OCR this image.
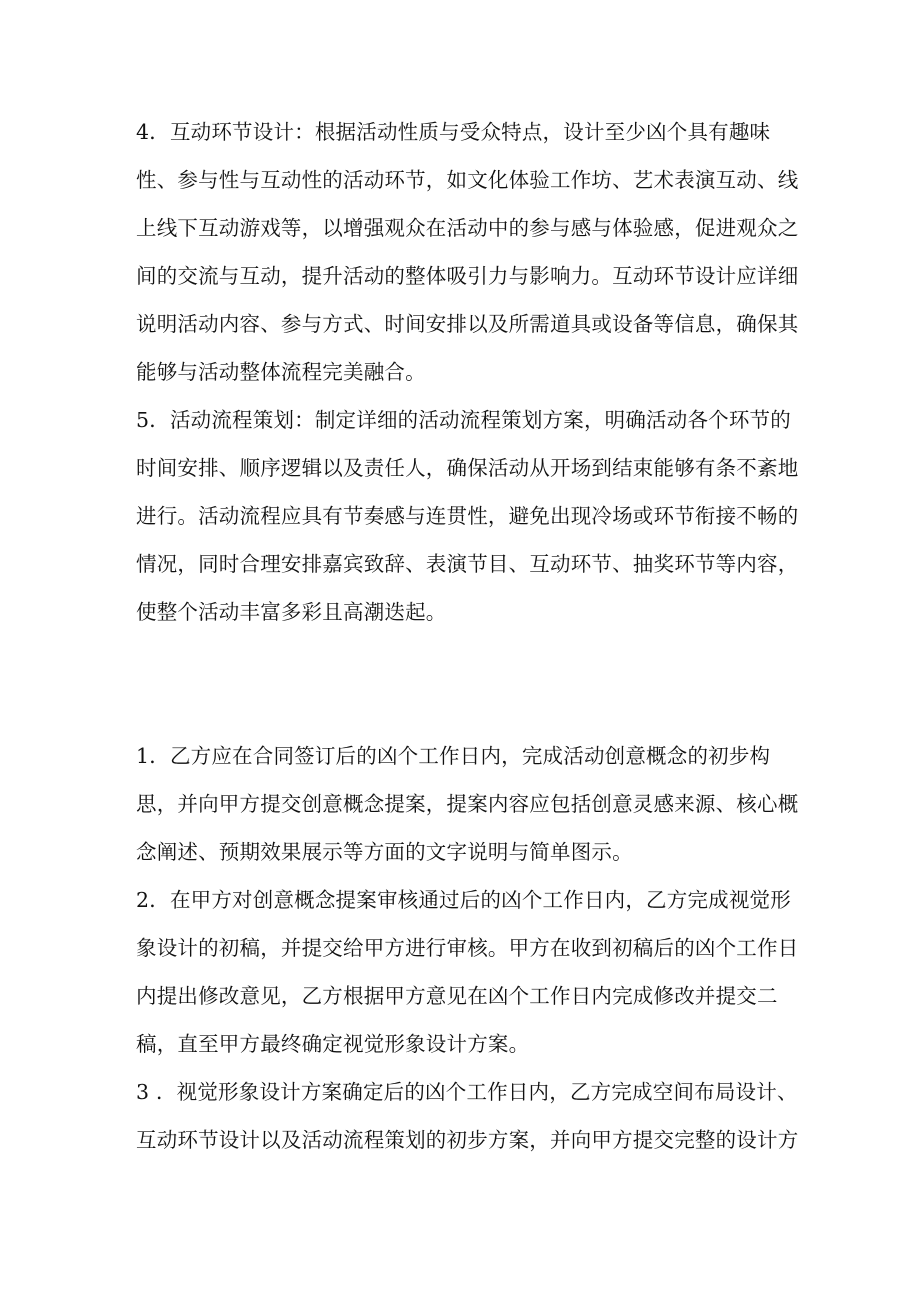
4．互动环节设计：根据活动性质与受众特点，设计至少凶个具有趣味
性、参与性与互动性的活动环节，如文化体验工作坊、艺术表演互动、线
上线下互动游戏等，以增强观众在活动中的参与感与体验感，促进观众之
间的交流与互动，提升活动的整体吸引力与影响力。互动环节设计应详细
说明活动内容、参与方式、时间安排以及所需道具或设备等信息，确保其
能够与活动整体流程完美融合。
5．活动流程策划：制定详细的活动流程策划方案，明确活动各个环节的
时间安排、顺序逻辑以及责任人，确保活动从开场到结束能够有条不紊地
进行。活动流程应具有节奏感与连贯性，避免出现冷场或环节衔接不畅的
情况，同时合理安排嘉宾致辞、表演节目、互动环节、抽奖环节等内容，
使整个活动丰富多彩且高潮迭起。
1．乙方应在合同签订后的凶个工作日内，完成活动创意概念的初步构
思，并向甲方提交创意概念提案，提案内容应包括创意灵感来源、核心概
念阐述、预期效果展示等方面的文字说明与简单图示。
2．在甲方对创意概念提案审核通过后的凶个工作日内，乙方完成视觉形
象设计的初稿，并提交给甲方进行审核。甲方在收到初稿后的凶个工作日
内提出修改意见，乙方根据甲方意见在凶个工作日内完成修改并提交二
稿，直至甲方最终确定视觉形象设计方案。
3 ．视觉形象设计方案确定后的凶个工作日内，乙方完成空间布局设计、
互动环节设计以及活动流程策划的初步方案，并向甲方提交完整的设计方
